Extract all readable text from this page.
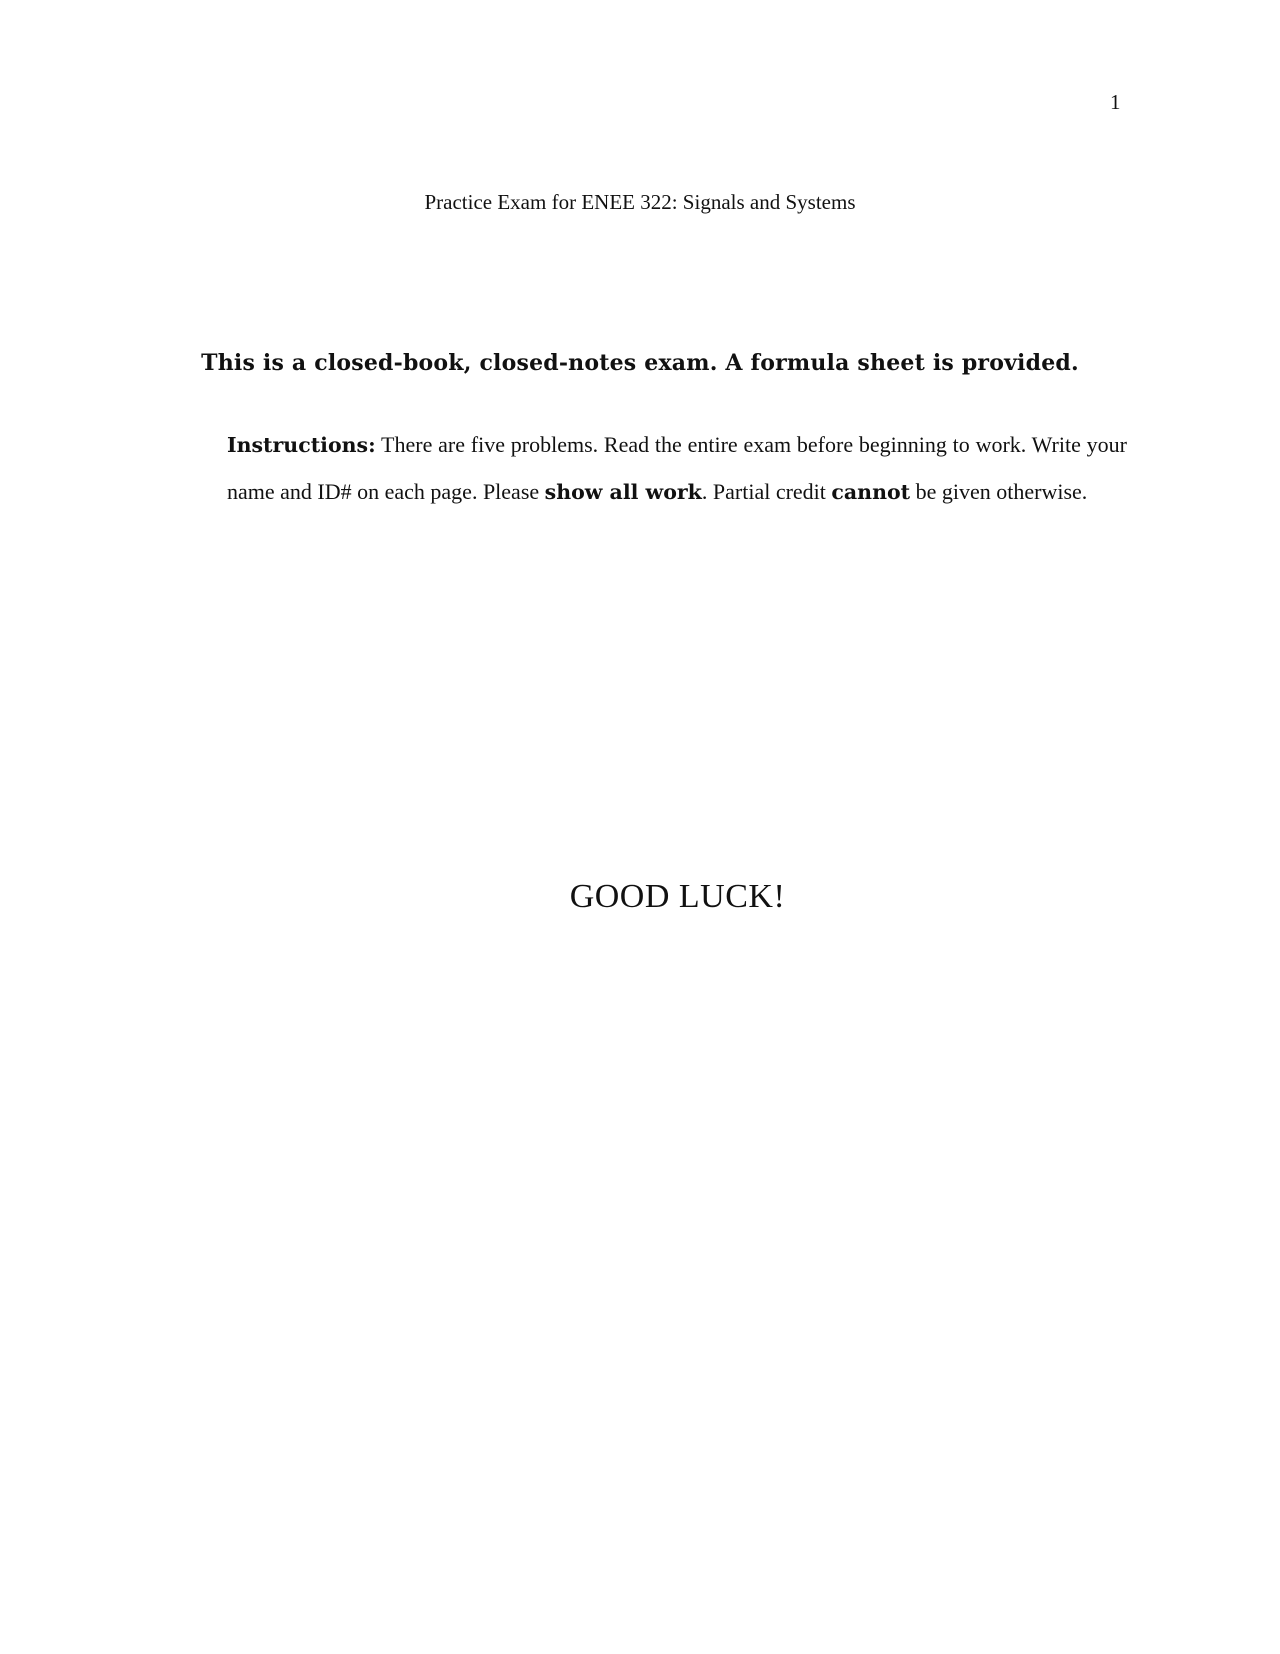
1
Practice Exam for ENEE 322: Signals and Systems
This is a closed-book, closed-notes exam. A formula sheet is provided.
Instructions: There are five problems. Read the entire exam before beginning to work. Write your name and ID# on each page. Please show all work. Partial credit cannot be given otherwise.
GOOD LUCK!
